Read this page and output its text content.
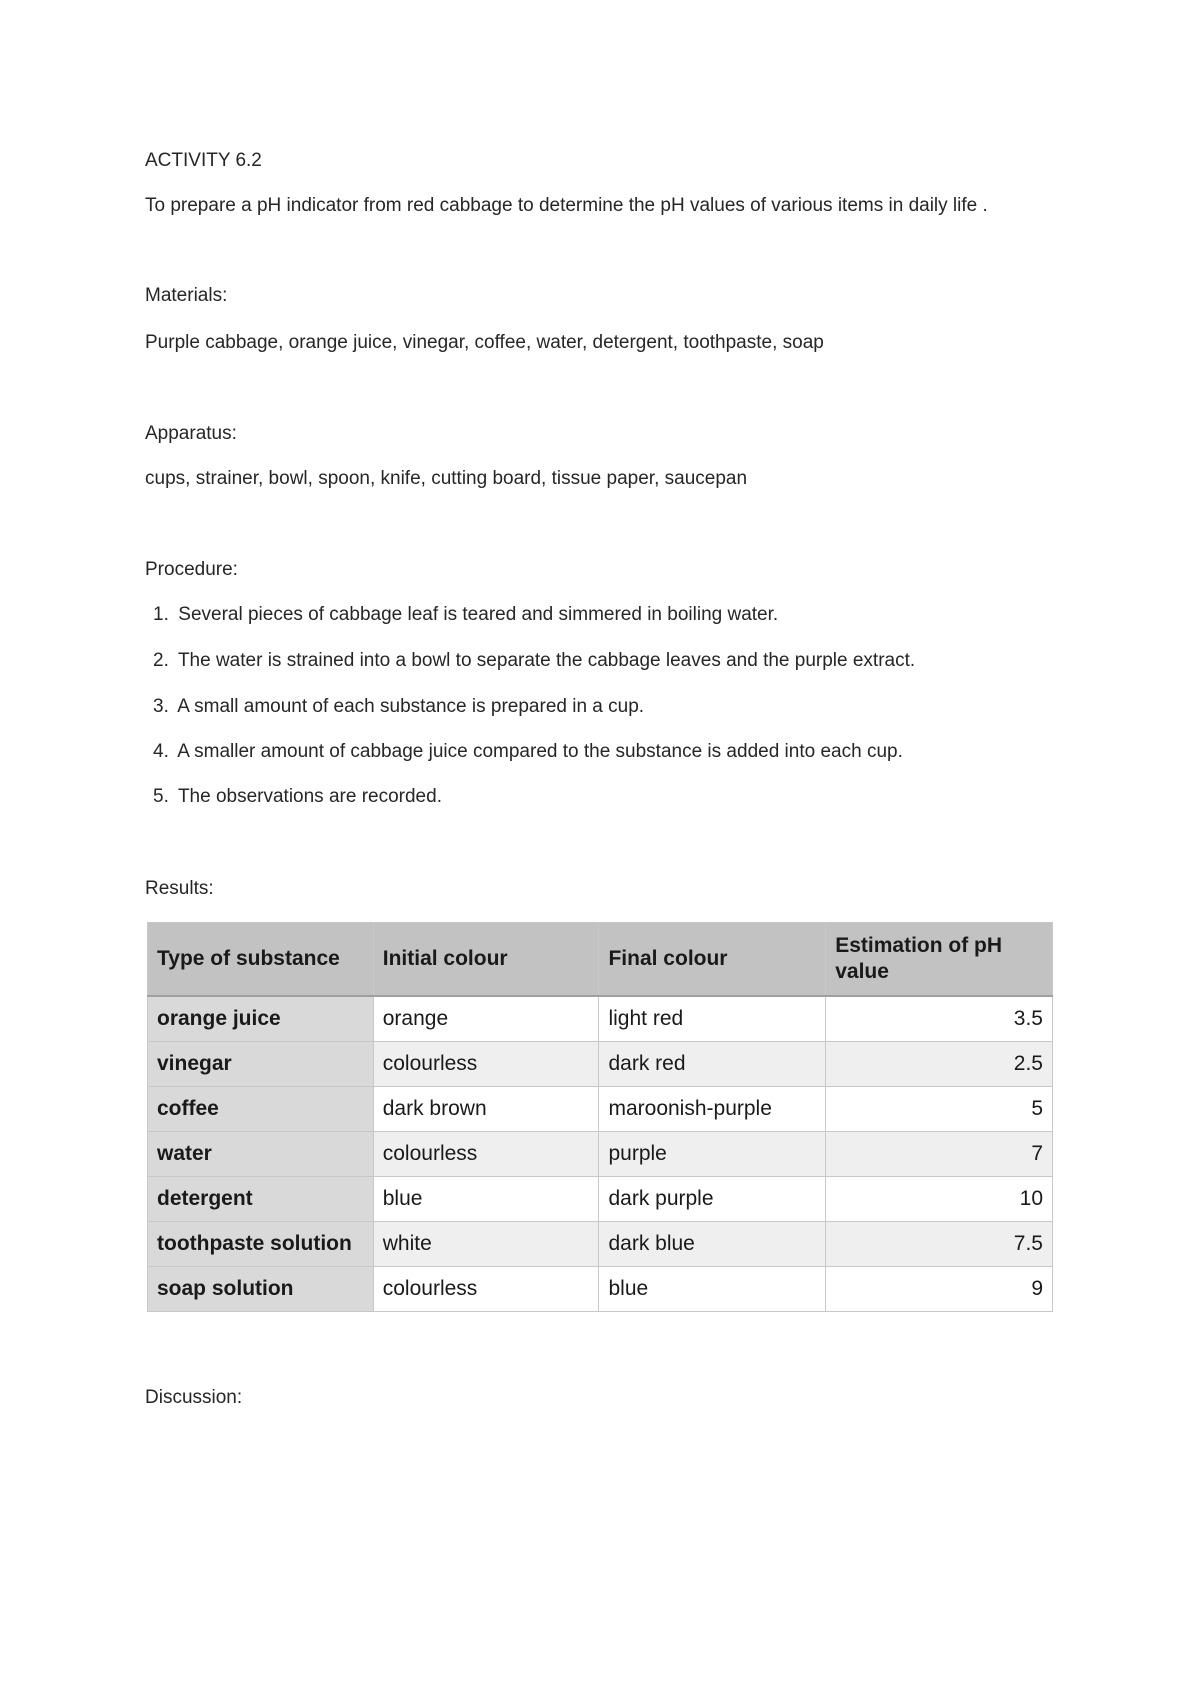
ACTIVITY 6.2
To prepare a pH indicator from red cabbage to determine the pH values of various items in daily life .
Materials:
Purple cabbage, orange juice, vinegar, coffee, water, detergent, toothpaste, soap
Apparatus:
cups, strainer, bowl, spoon, knife, cutting board, tissue paper, saucepan
Procedure:
1. Several pieces of cabbage leaf is teared and simmered in boiling water.
2. The water is strained into a bowl to separate the cabbage leaves and the purple extract.
3. A small amount of each substance is prepared in a cup.
4. A smaller amount of cabbage juice compared to the substance is added into each cup.
5. The observations are recorded.
Results:
Type of substance	Initial colour	Final colour	Estimation of pH value
orange juice	orange	light red	3.5
vinegar	colourless	dark red	2.5
coffee	dark brown	maroonish-purple	5
water	colourless	purple	7
detergent	blue	dark purple	10
toothpaste solution	white	dark blue	7.5
soap solution	colourless	blue	9
Discussion:
